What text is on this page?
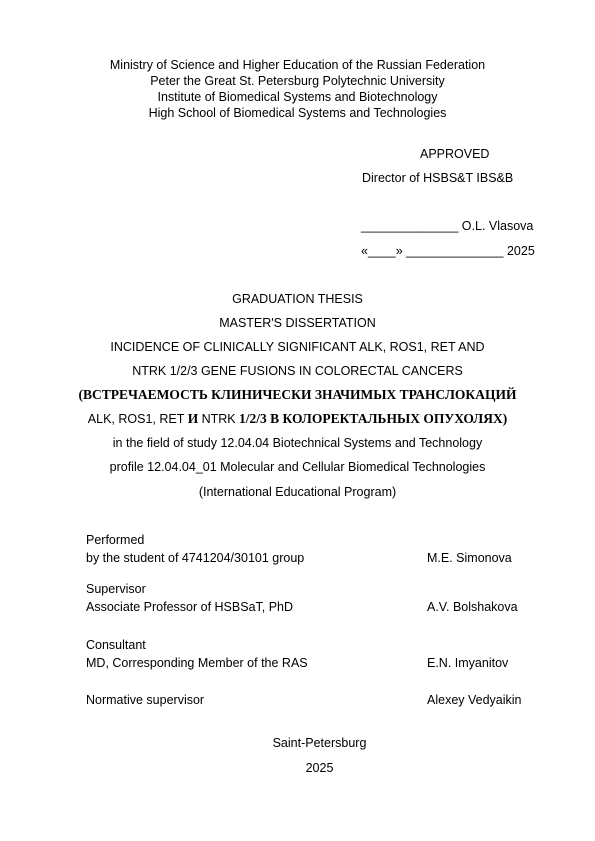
Ministry of Science and Higher Education of the Russian Federation
Peter the Great St. Petersburg Polytechnic University
Institute of Biomedical Systems and Biotechnology
High School of Biomedical Systems and Technologies
APPROVED
Director of HSBS&T IBS&B
______________ O.L. Vlasova
«____» ______________ 2025
GRADUATION THESIS
MASTER'S DISSERTATION
INCIDENCE OF CLINICALLY SIGNIFICANT ALK, ROS1, RET AND
NTRK 1/2/3 GENE FUSIONS IN COLORECTAL CANCERS
(ВСТРЕЧАЕМОСТЬ КЛИНИЧЕСКИ ЗНАЧИМЫХ ТРАНСЛОКАЦИЙ
ALK, ROS1, RET И NTRK 1/2/3 В КОЛОРЕКТАЛЬНЫХ ОПУХОЛЯХ)
in the field of study 12.04.04 Biotechnical Systems and Technology
profile 12.04.04_01 Molecular and Cellular Biomedical Technologies
(International Educational Program)
Performed
by the student of 4741204/30101 group	M.E. Simonova
Supervisor
Associate Professor of HSBSaT, PhD	A.V. Bolshakova
Consultant
MD, Corresponding Member of the RAS	E.N. Imyanitov
Normative supervisor	Alexey Vedyaikin
Saint-Petersburg
2025
